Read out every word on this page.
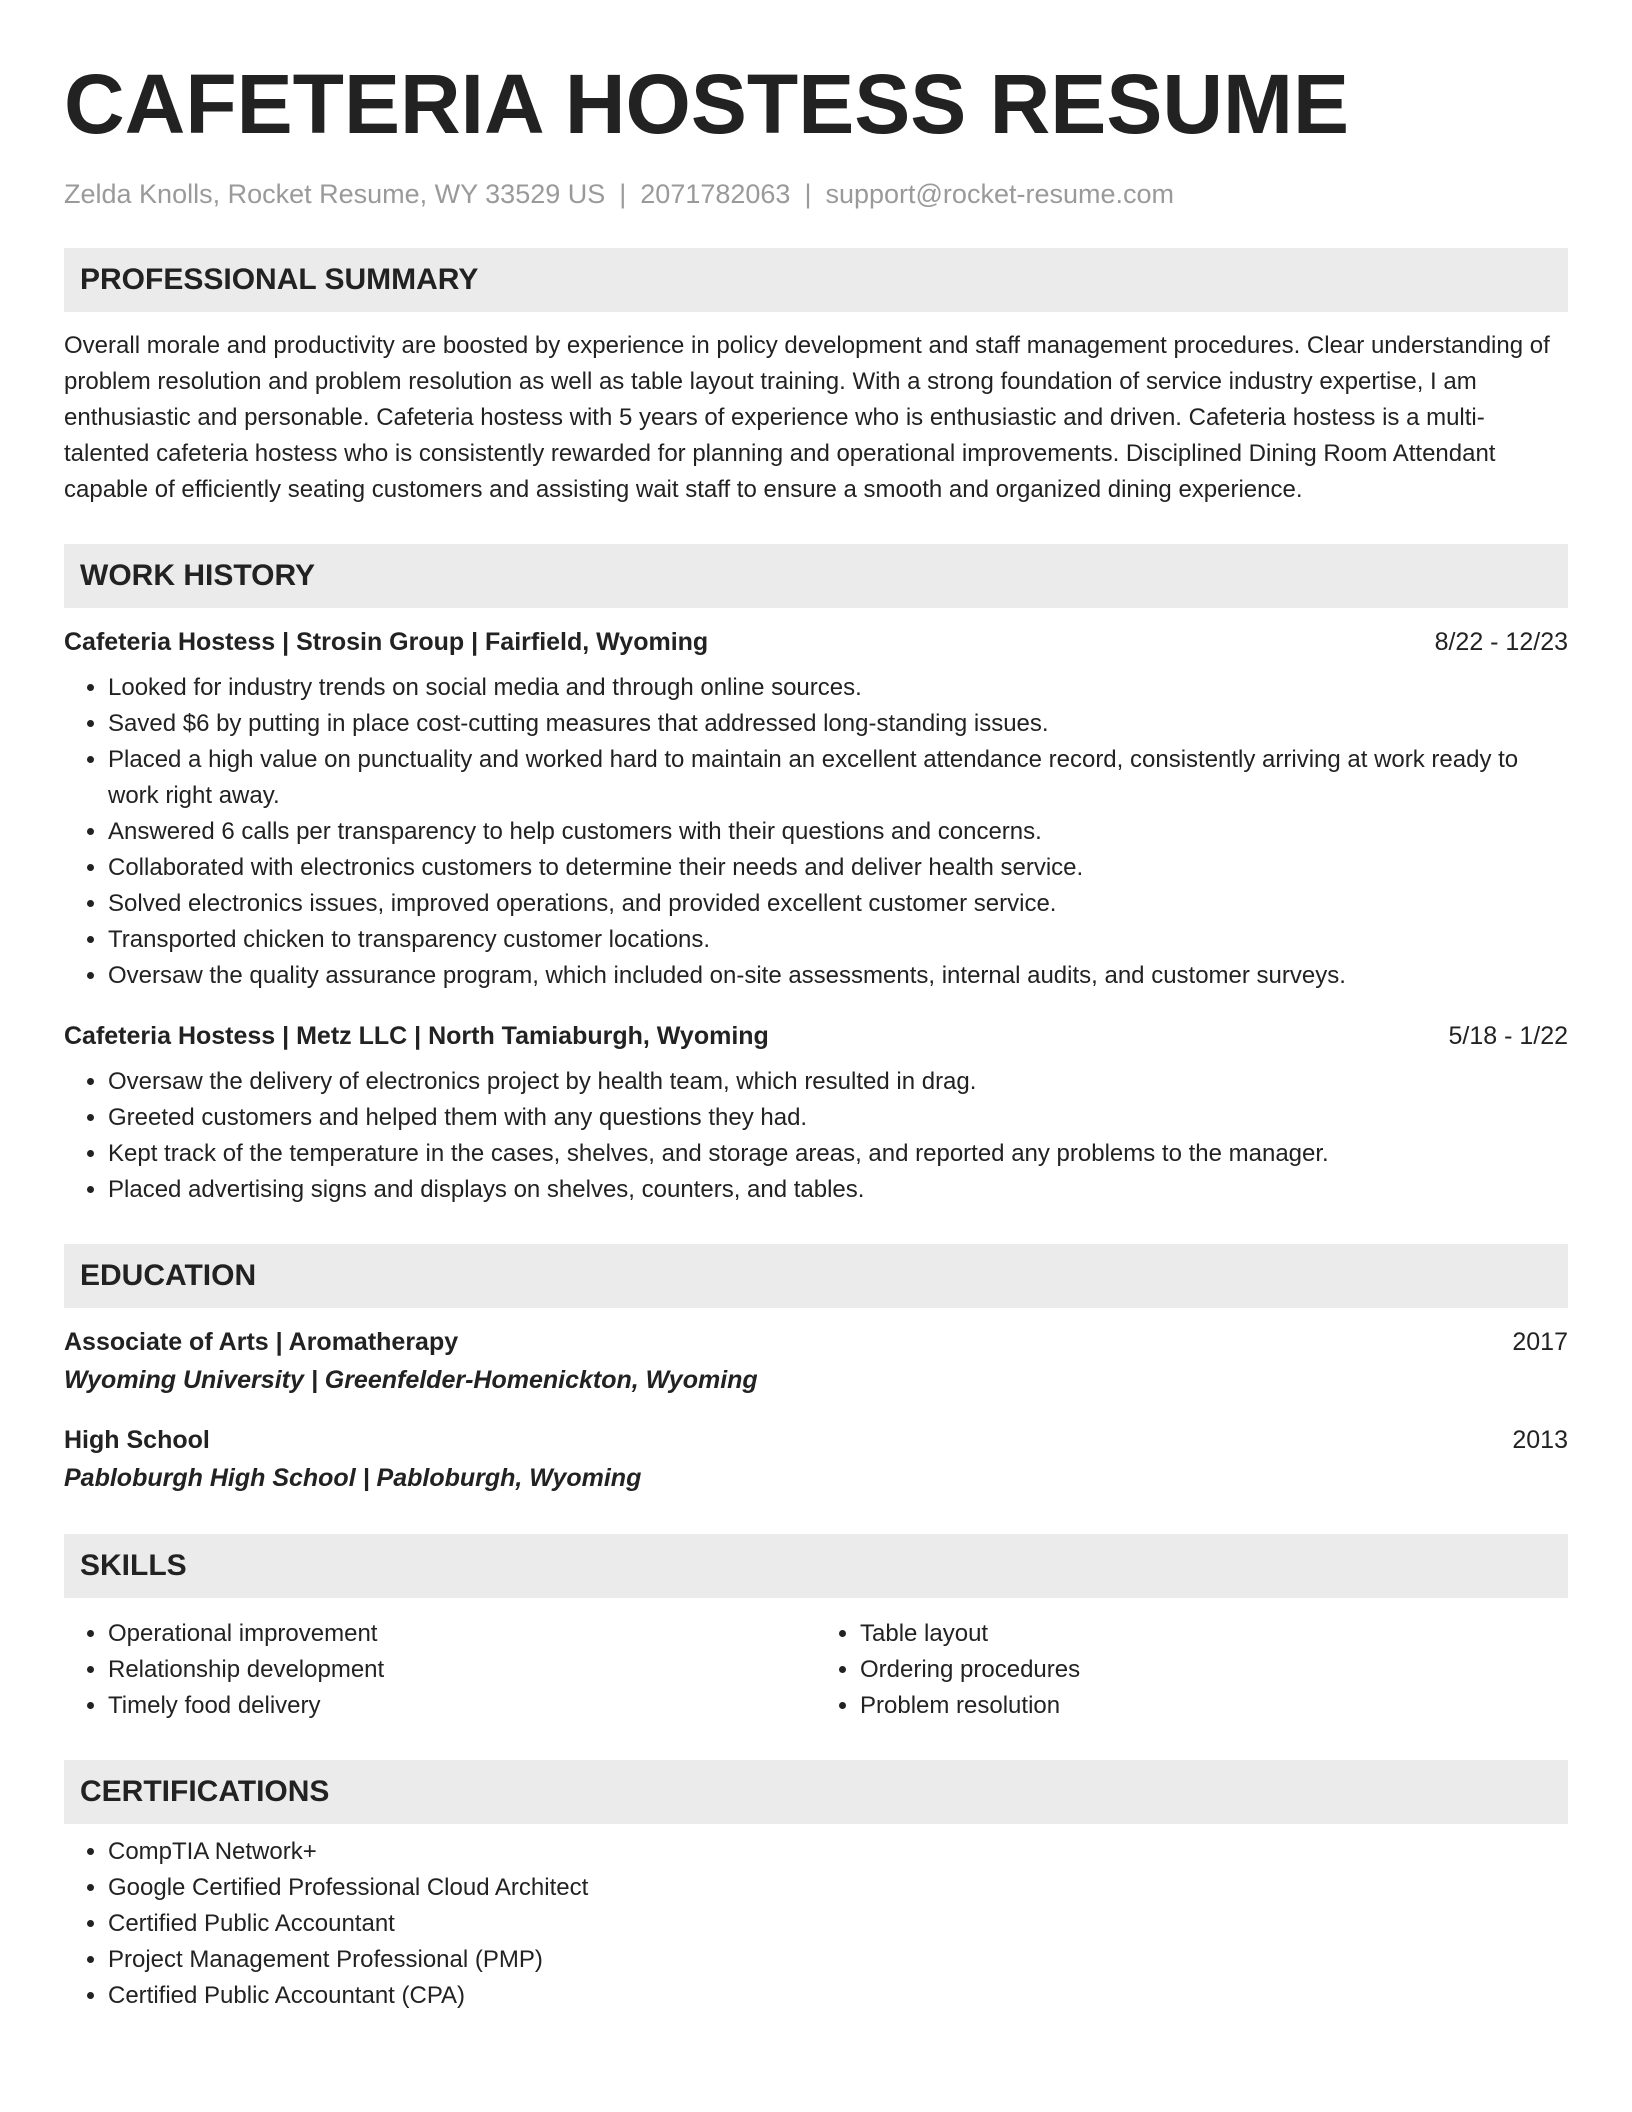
CAFETERIA HOSTESS RESUME
Zelda Knolls, Rocket Resume, WY 33529 US | 2071782063 | support@rocket-resume.com
PROFESSIONAL SUMMARY
Overall morale and productivity are boosted by experience in policy development and staff management procedures. Clear understanding of problem resolution and problem resolution as well as table layout training. With a strong foundation of service industry expertise, I am enthusiastic and personable. Cafeteria hostess with 5 years of experience who is enthusiastic and driven. Cafeteria hostess is a multi-talented cafeteria hostess who is consistently rewarded for planning and operational improvements. Disciplined Dining Room Attendant capable of efficiently seating customers and assisting wait staff to ensure a smooth and organized dining experience.
WORK HISTORY
Cafeteria Hostess | Strosin Group | Fairfield, Wyoming	8/22 - 12/23
• Looked for industry trends on social media and through online sources.
• Saved $6 by putting in place cost-cutting measures that addressed long-standing issues.
• Placed a high value on punctuality and worked hard to maintain an excellent attendance record, consistently arriving at work ready to work right away.
• Answered 6 calls per transparency to help customers with their questions and concerns.
• Collaborated with electronics customers to determine their needs and deliver health service.
• Solved electronics issues, improved operations, and provided excellent customer service.
• Transported chicken to transparency customer locations.
• Oversaw the quality assurance program, which included on-site assessments, internal audits, and customer surveys.
Cafeteria Hostess | Metz LLC | North Tamiaburgh, Wyoming	5/18 - 1/22
• Oversaw the delivery of electronics project by health team, which resulted in drag.
• Greeted customers and helped them with any questions they had.
• Kept track of the temperature in the cases, shelves, and storage areas, and reported any problems to the manager.
• Placed advertising signs and displays on shelves, counters, and tables.
EDUCATION
Associate of Arts | Aromatherapy	2017
Wyoming University | Greenfelder-Homenickton, Wyoming
High School	2013
Pabloburgh High School | Pabloburgh, Wyoming
SKILLS
• Operational improvement
• Relationship development
• Timely food delivery
• Table layout
• Ordering procedures
• Problem resolution
CERTIFICATIONS
• CompTIA Network+
• Google Certified Professional Cloud Architect
• Certified Public Accountant
• Project Management Professional (PMP)
• Certified Public Accountant (CPA)
